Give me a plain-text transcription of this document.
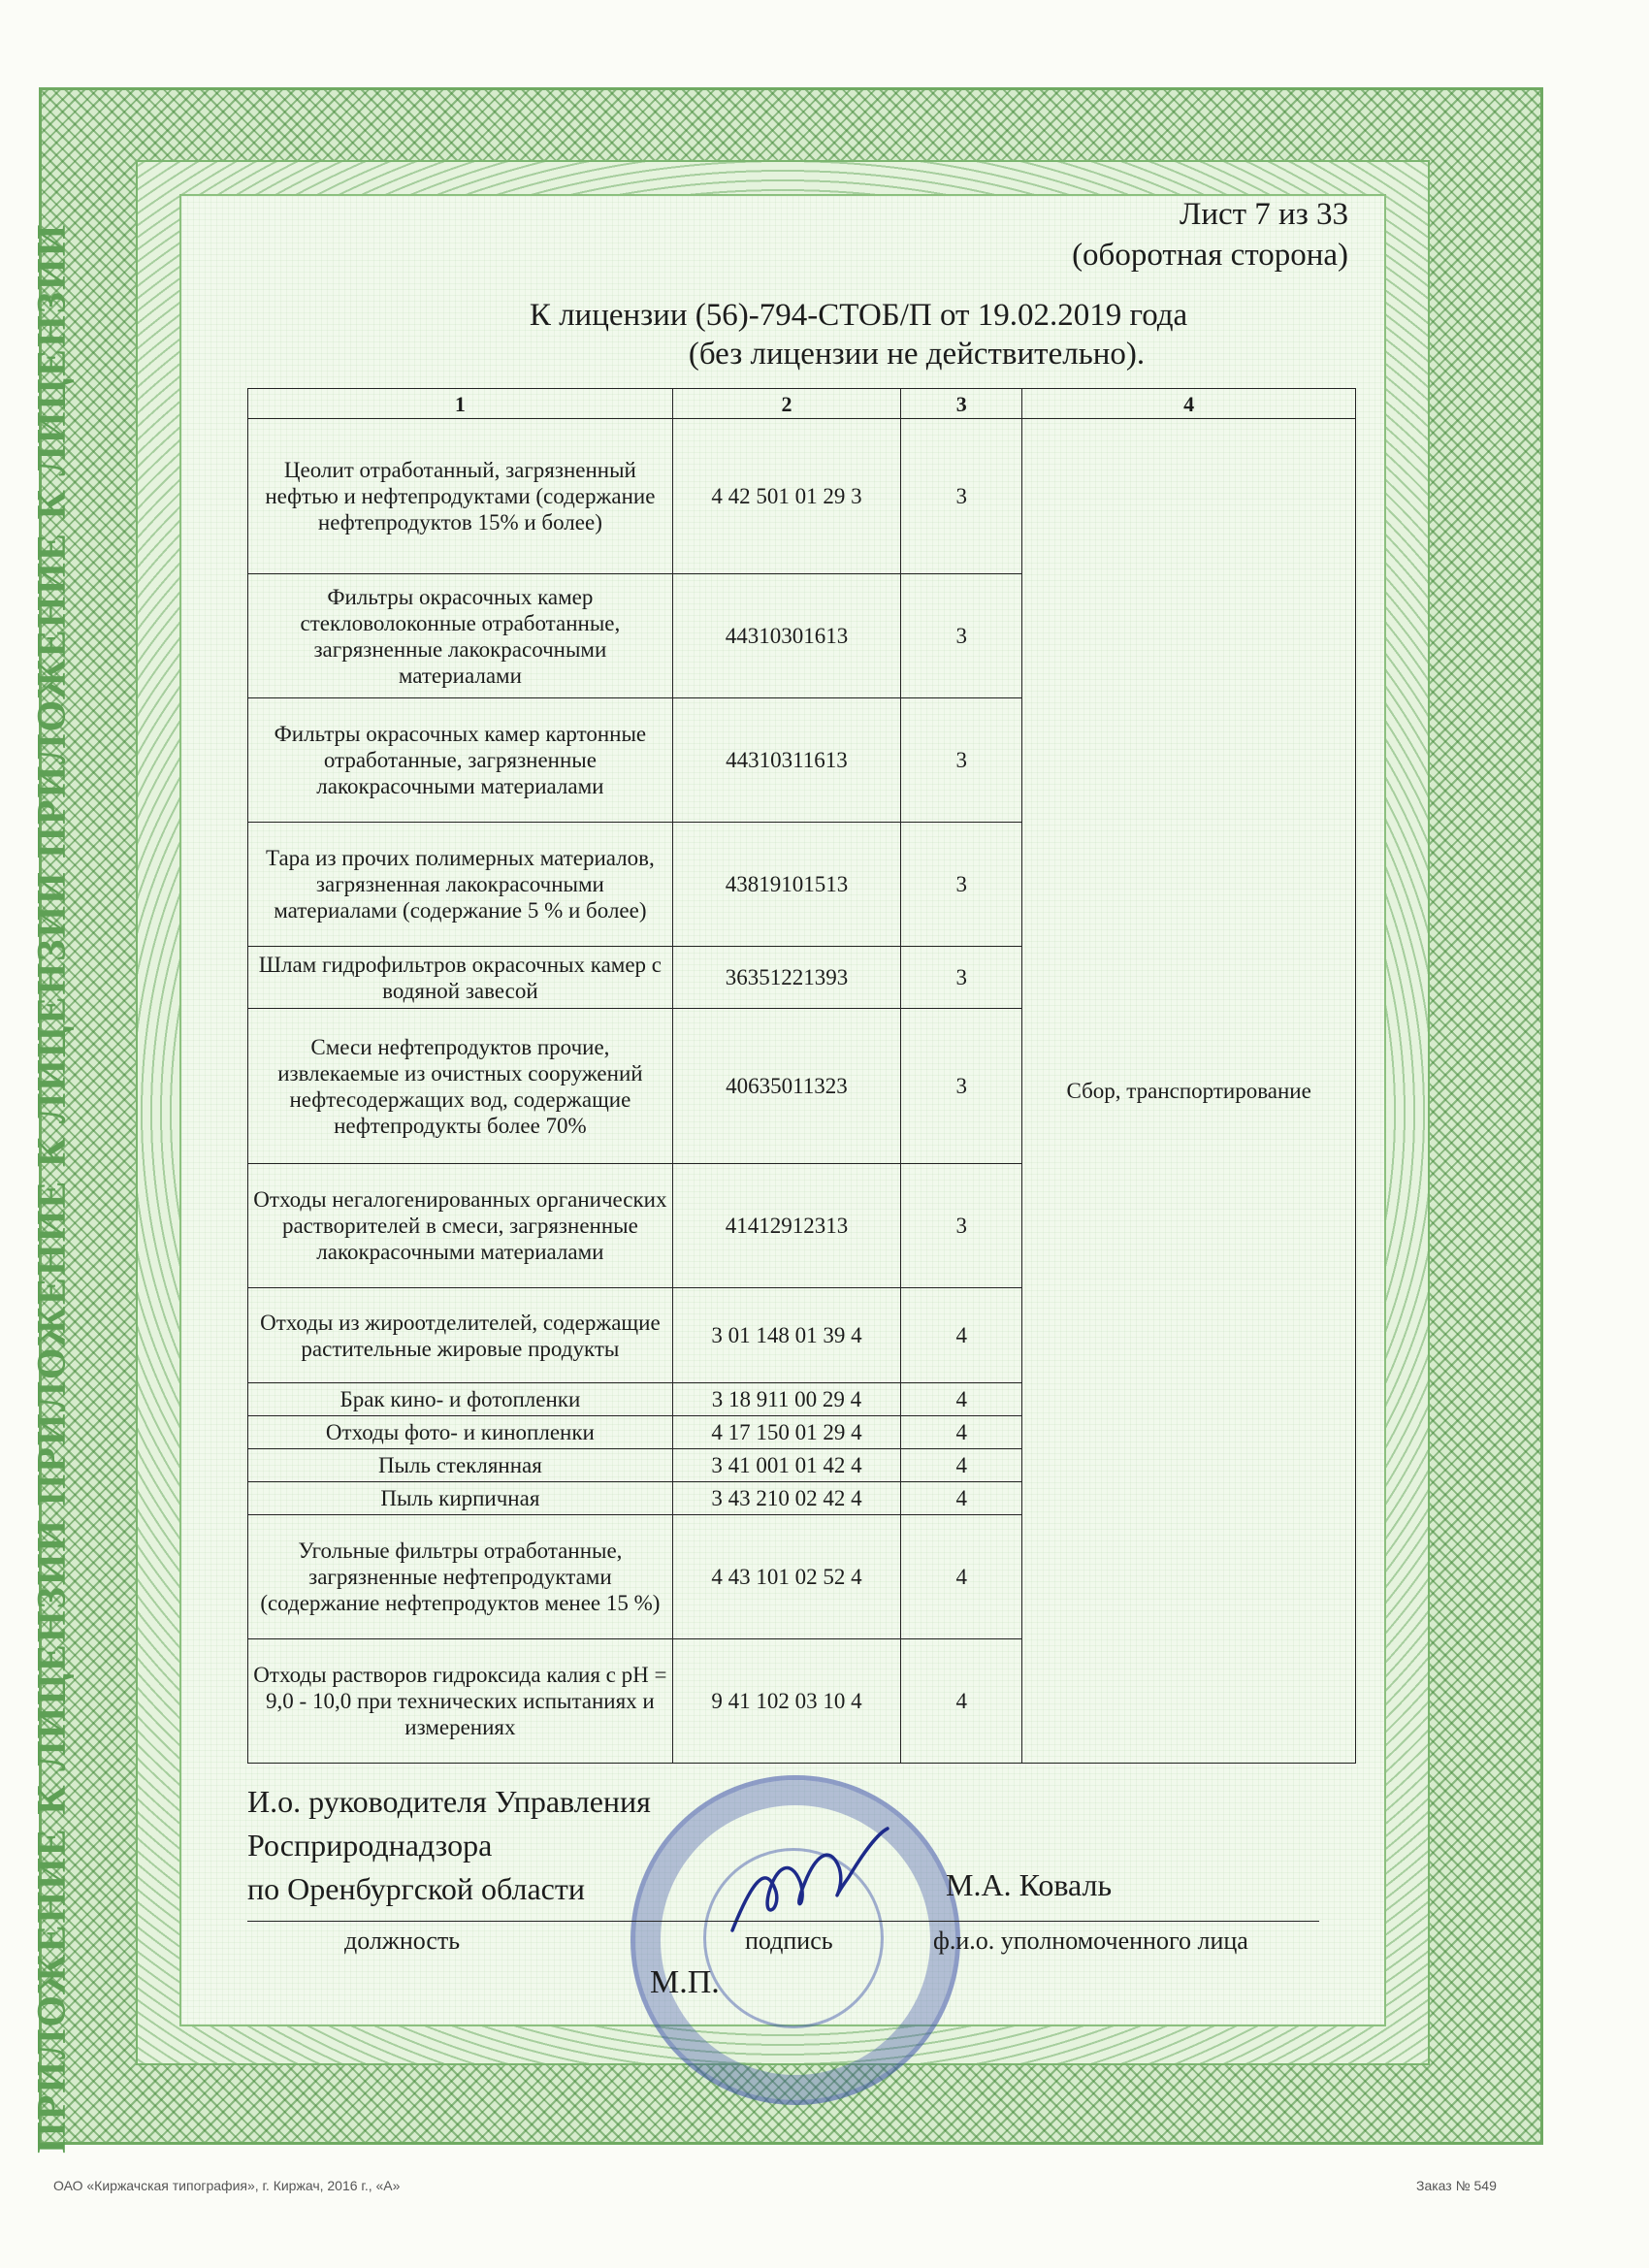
ПРИЛОЖЕНИЕ К ЛИЦЕНЗИИ ПРИЛОЖЕНИЕ К ЛИЦЕНЗИИ ПРИЛОЖЕНИЕ К ЛИЦЕНЗИИ
Лист 7 из 33
(оборотная сторона)
К лицензии (56)-794-СТОБ/П от 19.02.2019 года
(без лицензии не действительно).
1	2	3	4
Цеолит отработанный, загрязненный нефтью и нефтепродуктами (содержание нефтепродуктов 15% и более)	4 42 501 01 29 3	3	Сбор, транспортирование
Фильтры окрасочных камер стекловолоконные отработанные, загрязненные лакокрасочными материалами	44310301613	3	
Фильтры окрасочных камер картонные отработанные, загрязненные лакокрасочными материалами	44310311613	3	
Тара из прочих полимерных материалов, загрязненная лакокрасочными материалами (содержание 5 % и более)	43819101513	3	
Шлам гидрофильтров окрасочных камер с водяной завесой	36351221393	3	
Смеси нефтепродуктов прочие, извлекаемые из очистных сооружений нефтесодержащих вод, содержащие нефтепродукты более 70%	40635011323	3	
Отходы негалогенированных органических растворителей в смеси, загрязненные лакокрасочными материалами	41412912313	3	
Отходы из жироотделителей, содержащие растительные жировые продукты	3 01 148 01 39 4	4	
Брак кино- и фотопленки	3 18 911 00 29 4	4	
Отходы фото- и кинопленки	4 17 150 01 29 4	4	
Пыль стеклянная	3 41 001 01 42 4	4	
Пыль кирпичная	3 43 210 02 42 4	4	
Угольные фильтры отработанные, загрязненные нефтепродуктами (содержание нефтепродуктов менее 15 %)	4 43 101 02 52 4	4	
Отходы растворов гидроксида калия с pH = 9,0 - 10,0 при технических испытаниях и измерениях	9 41 102 03 10 4	4	
И.о. руководителя Управления
Росприроднадзора
по Оренбургской области	М.А. Коваль
должность	подпись	ф.и.о. уполномоченного лица
М.П.
ОАО «Киржачская типография», г. Киржач, 2016 г., «А»	Заказ № 549
